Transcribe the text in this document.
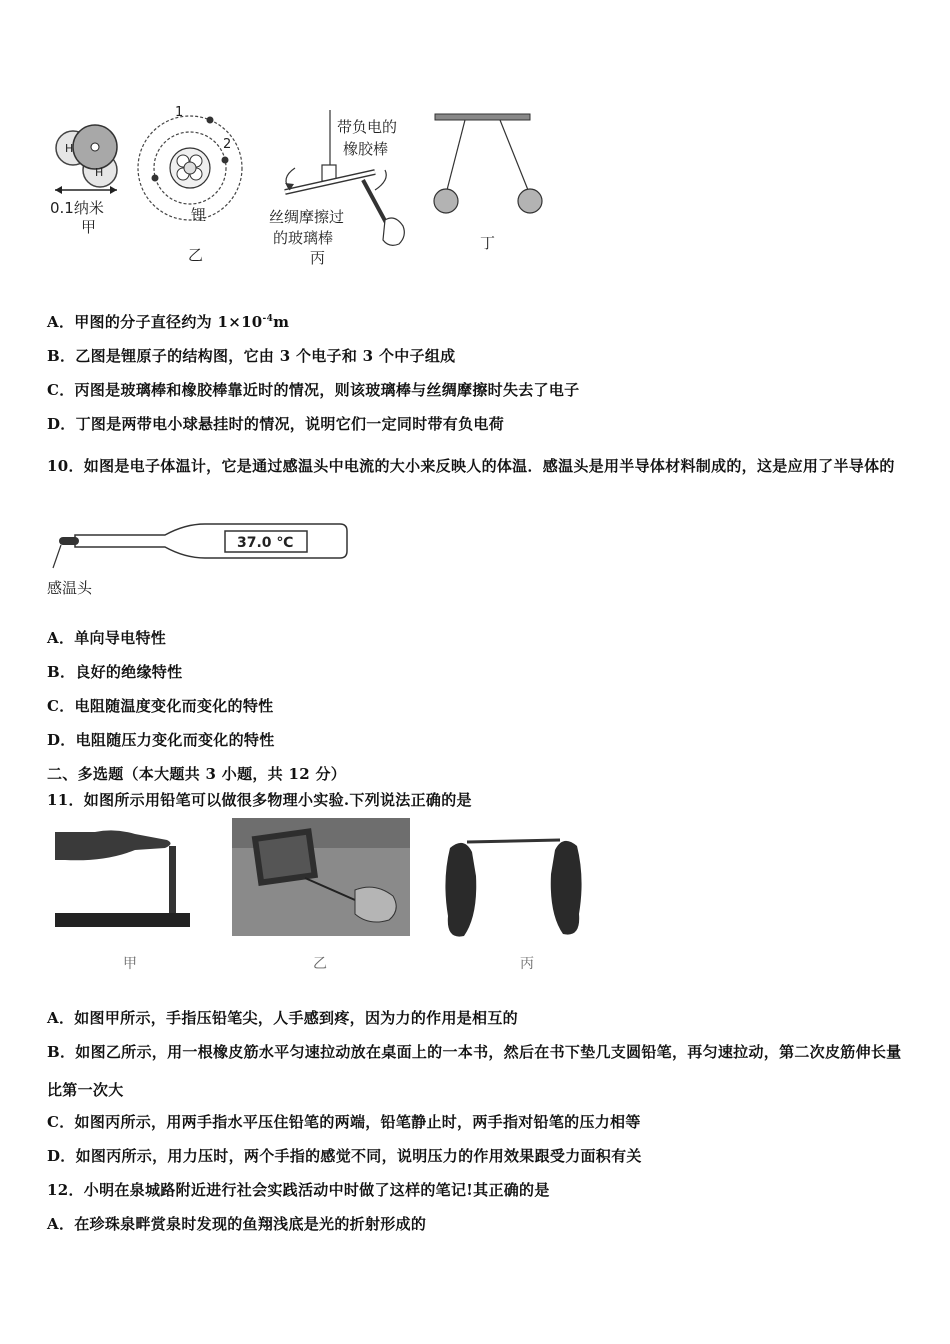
H
H
0.1纳米
甲
1
2
锂
乙
带负电的
橡胶棒
丝绸摩擦过
的玻璃棒
丙
丁
A．甲图的分子直径约为 $1\times 10^{-4}m$
B．乙图是锂原子的结构图，它由 3 个电子和 3 个中子组成
C．丙图是玻璃棒和橡胶棒靠近时的情况，则该玻璃棒与丝绸摩擦时失去了电子
D．丁图是两带电小球悬挂时的情况，说明它们一定同时带有负电荷
10．如图是电子体温计，它是通过感温头中电流的大小来反映人的体温．感温头是用半导体材料制成的，这是应用了半导体的
37.0 ℃
感温头
A．单向导电特性
B．良好的绝缘特性
C．电阻随温度变化而变化的特性
D．电阻随压力变化而变化的特性
二、多选题（本大题共 3 小题，共 12 分）
11．如图所示用铅笔可以做很多物理小实验.下列说法正确的是
甲	乙	丙
A．如图甲所示，手指压铅笔尖，人手感到疼，因为力的作用是相互的
B．如图乙所示，用一根橡皮筋水平匀速拉动放在桌面上的一本书，然后在书下垫几支圆铅笔，再匀速拉动，第二次皮筋伸长量比第一次大
C．如图丙所示，用两手指水平压住铅笔的两端，铅笔静止时，两手指对铅笔的压力相等
D．如图丙所示，用力压时，两个手指的感觉不同，说明压力的作用效果跟受力面积有关
12．小明在泉城路附近进行社会实践活动中时做了这样的笔记!其正确的是
A．在珍珠泉畔赏泉时发现的鱼翔浅底是光的折射形成的
